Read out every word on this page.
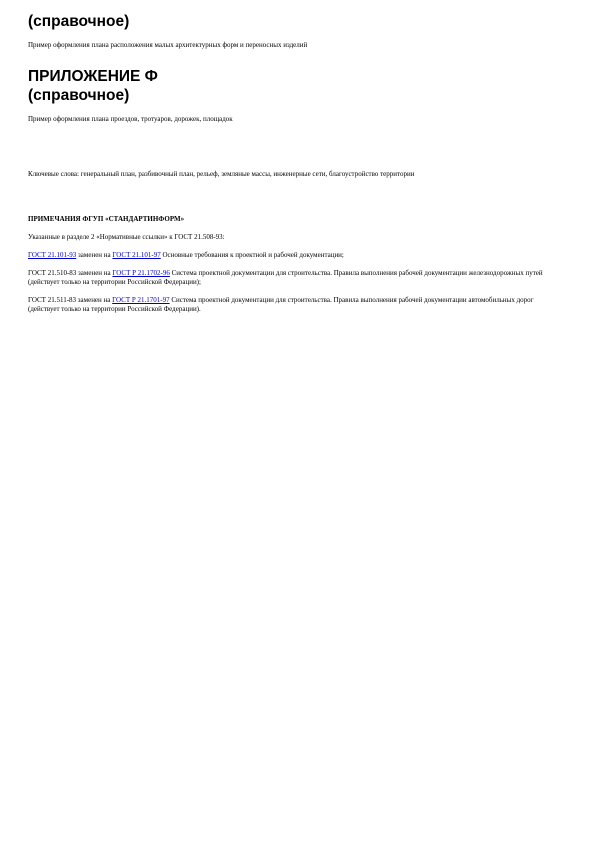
(справочное)

Пример оформления плана расположения малых архитектурных форм и переносных изделий

ПРИЛОЖЕНИЕ Ф
(справочное)

Пример оформления плана проездов, тротуаров, дорожек, площадок

Ключевые слова: генеральный план, разбивочный план, рельеф, земляные массы, инженерные сети, благоустройство территории

ПРИМЕЧАНИЯ ФГУП «СТАНДАРТИНФОРМ»

Указанные в разделе 2 «Нормативные ссылки» к ГОСТ 21.508-93:

ГОСТ 21.101-93 заменен на ГОСТ 21.101-97 Основные требования к проектной и рабочей документации;

ГОСТ 21.510-83 заменен на ГОСТ Р 21.1702-96 Система проектной документации для строительства. Правила выполнения рабочей документации железнодорожных путей (действует только на территории Российской Федерации);

ГОСТ 21.511-83 заменен на ГОСТ Р 21.1701-97 Система проектной документации для строительства. Правила выполнения рабочей документации автомобильных дорог (действует только на территории Российской Федерации).
